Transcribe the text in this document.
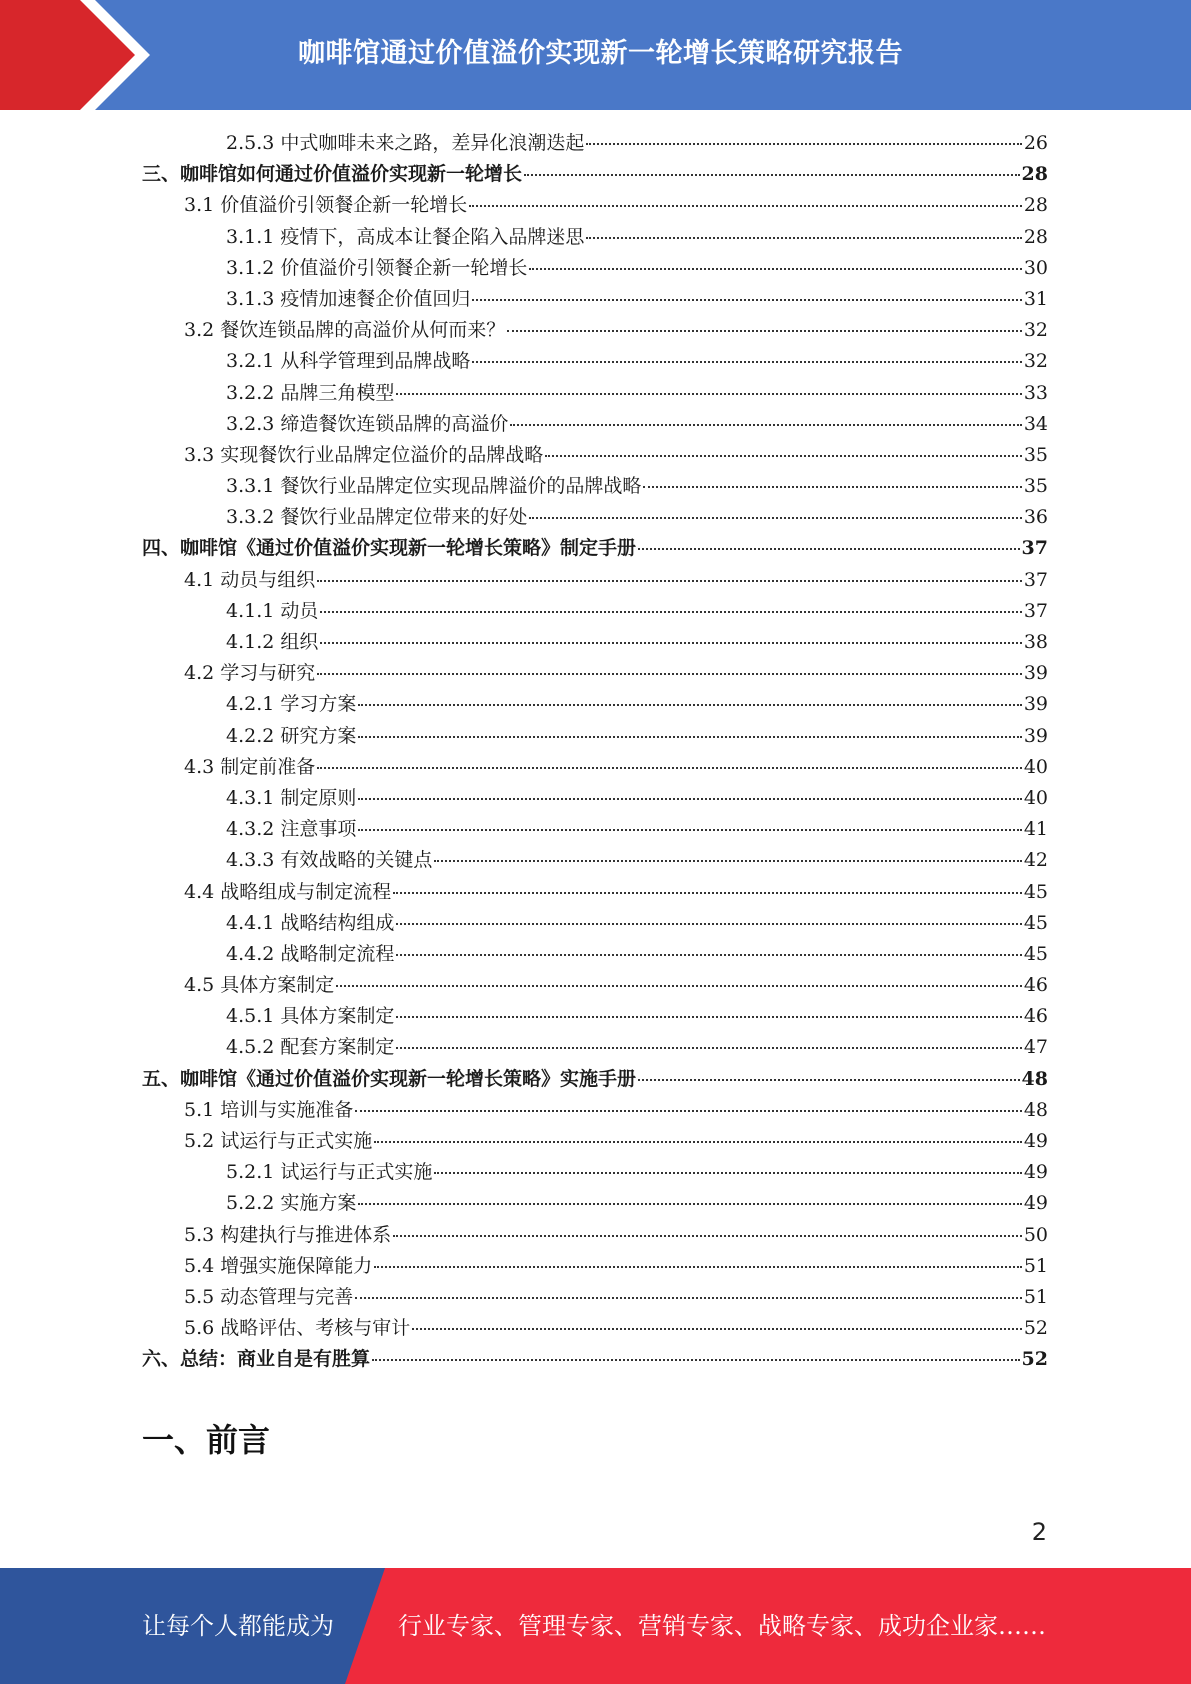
咖啡馆通过价值溢价实现新一轮增长策略研究报告
2.5.3 中式咖啡未来之路，差异化浪潮迭起	26
三、咖啡馆如何通过价值溢价实现新一轮增长	28
3.1 价值溢价引领餐企新一轮增长	28
3.1.1 疫情下，高成本让餐企陷入品牌迷思	28
3.1.2 价值溢价引领餐企新一轮增长	30
3.1.3 疫情加速餐企价值回归	31
3.2 餐饮连锁品牌的高溢价从何而来？	32
3.2.1 从科学管理到品牌战略	32
3.2.2 品牌三角模型	33
3.2.3 缔造餐饮连锁品牌的高溢价	34
3.3 实现餐饮行业品牌定位溢价的品牌战略	35
3.3.1 餐饮行业品牌定位实现品牌溢价的品牌战略	35
3.3.2 餐饮行业品牌定位带来的好处	36
四、咖啡馆《通过价值溢价实现新一轮增长策略》制定手册	37
4.1 动员与组织	37
4.1.1 动员	37
4.1.2 组织	38
4.2 学习与研究	39
4.2.1 学习方案	39
4.2.2 研究方案	39
4.3 制定前准备	40
4.3.1 制定原则	40
4.3.2 注意事项	41
4.3.3 有效战略的关键点	42
4.4 战略组成与制定流程	45
4.4.1 战略结构组成	45
4.4.2 战略制定流程	45
4.5 具体方案制定	46
4.5.1 具体方案制定	46
4.5.2 配套方案制定	47
五、咖啡馆《通过价值溢价实现新一轮增长策略》实施手册	48
5.1 培训与实施准备	48
5.2 试运行与正式实施	49
5.2.1 试运行与正式实施	49
5.2.2 实施方案	49
5.3 构建执行与推进体系	50
5.4 增强实施保障能力	51
5.5 动态管理与完善	51
5.6 战略评估、考核与审计	52
六、总结：商业自是有胜算	52
一、前言
2
让每个人都能成为	行业专家、管理专家、营销专家、战略专家、成功企业家……
